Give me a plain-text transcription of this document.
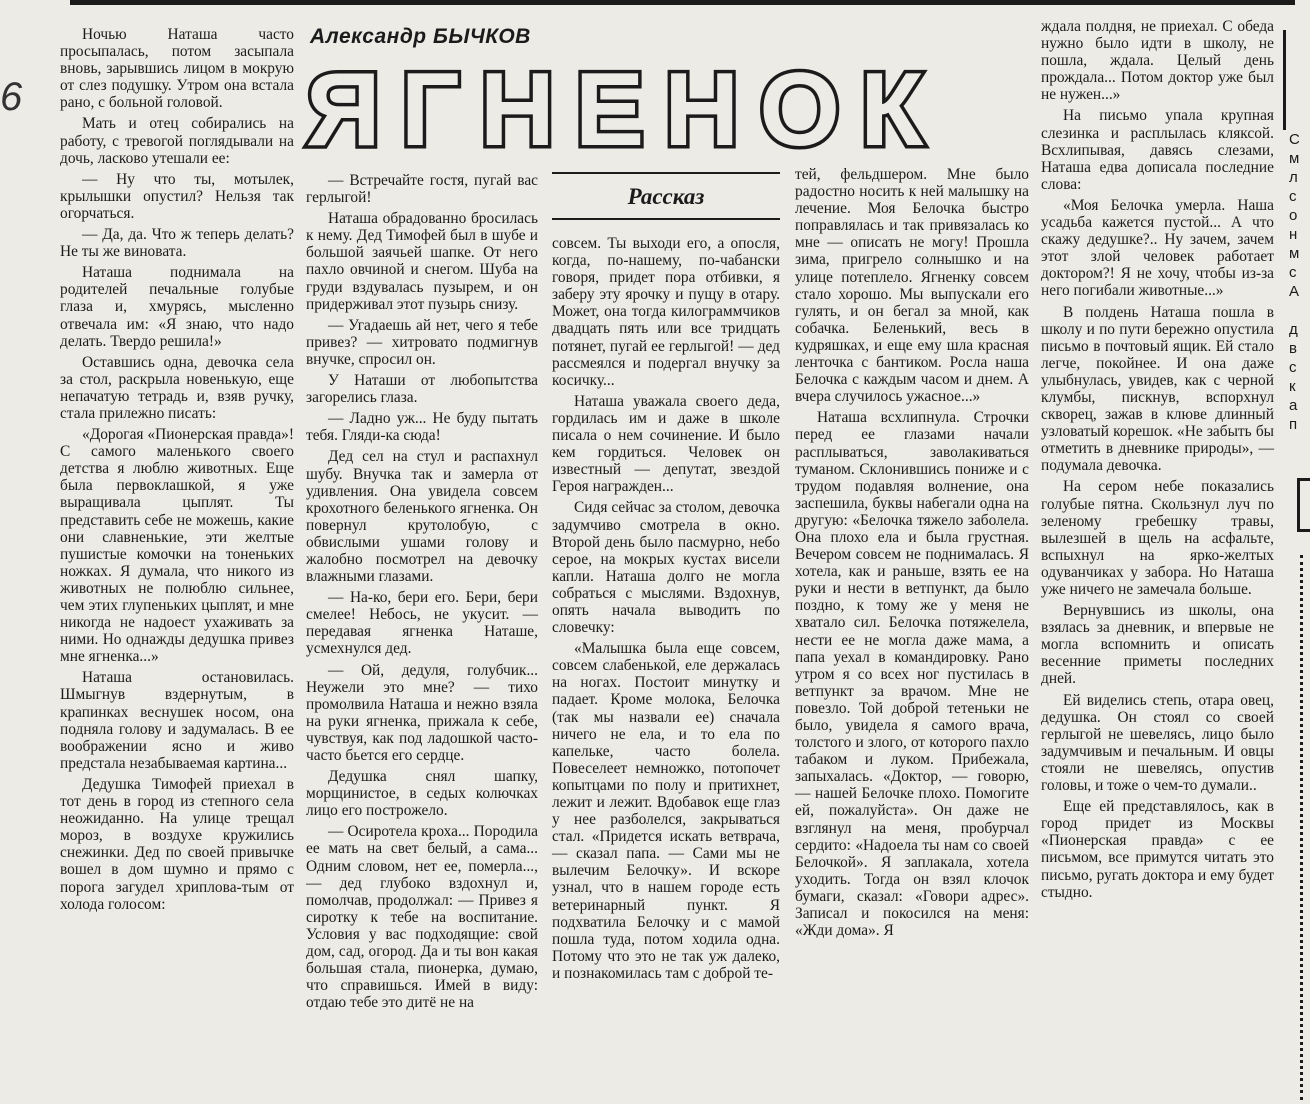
6
Александр БЫЧКОВ
ЯГНЕНОК
Рассказ

Ночью Наташа часто просыпалась, потом засыпала вновь, зарывшись лицом в мокрую от слез подушку. Утром она встала рано, с больной головой.

Мать и отец собирались на работу, с тревогой поглядывали на дочь, ласково утешали ее:

— Ну что ты, мотылек, крылышки опустил? Нельзя так огорчаться.

— Да, да. Что ж теперь делать? Не ты же виновата.

Наташа поднимала на родителей печальные голубые глаза и, хмурясь, мысленно отвечала им: «Я знаю, что надо делать. Твердо решила!»

Оставшись одна, девочка села за стол, раскрыла новенькую, еще непачатую тетрадь и, взяв ручку, стала прилежно писать:

«Дорогая «Пионерская правда»! С самого маленького своего детства я люблю животных. Еще была первоклашкой, я уже выращивала цыплят. Ты представить себе не можешь, какие они славненькие, эти желтые пушистые комочки на тоненьких ножках. Я думала, что никого из животных не полюблю сильнее, чем этих глупеньких цыплят, и мне никогда не надоест ухаживать за ними. Но однажды дедушка привез мне ягненка...»

Наташа остановилась. Шмыгнув вздернутым, в крапинках веснушек носом, она подняла голову и задумалась. В ее воображении ясно и живо предстала незабываемая картина...

Дедушка Тимофей приехал в тот день в город из степного села неожиданно. На улице трещал мороз, в воздухе кружились снежинки. Дед по своей привычке вошел в дом шумно и прямо с порога загудел хриплова-тым от холода голосом:

— Встречайте гостя, пугай вас герлыгой!

Наташа обрадованно бросилась к нему. Дед Тимофей был в шубе и большой заячьей шапке. От него пахло овчиной и снегом. Шуба на груди вздувалась пузырем, и он придерживал этот пузырь снизу.

— Угадаешь ай нет, чего я тебе привез? — хитровато подмигнув внучке, спросил он.

У Наташи от любопытства загорелись глаза.

— Ладно уж... Не буду пытать тебя. Гляди-ка сюда!

Дед сел на стул и распахнул шубу. Внучка так и замерла от удивления. Она увидела совсем крохотного беленького ягненка. Он повернул крутолобую, с обвислыми ушами голову и жалобно посмотрел на девочку влажными глазами.

— На-ко, бери его. Бери, бери смелее! Небось, не укусит. — передавая ягненка Наташе, усмехнулся дед.

— Ой, дедуля, голубчик... Неужели это мне? — тихо промолвила Наташа и нежно взяла на руки ягненка, прижала к себе, чувствуя, как под ладошкой часто-часто бьется его сердце.

Дедушка снял шапку, морщинистое, в седых колючках лицо его построжело.

— Осиротела кроха... Породила ее мать на свет белый, а сама... Одним словом, нет ее, померла..., — дед глубоко вздохнул и, помолчав, продолжал: — Привез я сиротку к тебе на воспитание. Условия у вас подходящие: свой дом, сад, огород. Да и ты вон какая большая стала, пионерка, думаю, что справишься. Имей в виду: отдаю тебе это дитё не на

совсем. Ты выходи его, а опосля, когда, по-нашему, по-чабански говоря, придет пора отбивки, я заберу эту ярочку и пущу в отару. Может, она тогда килограммчиков двадцать пять или все тридцать потянет, пугай ее герлыгой! — дед рассмеялся и подергал внучку за косичку...

Наташа уважала своего деда, гордилась им и даже в школе писала о нем сочинение. И было кем гордиться. Человек он известный — депутат, звездой Героя награжден...

Сидя сейчас за столом, девочка задумчиво смотрела в окно. Второй день было пасмурно, небо серое, на мокрых кустах висели капли. Наташа долго не могла собраться с мыслями. Вздохнув, опять начала выводить по словечку:

«Малышка была еще совсем, совсем слабенькой, еле держалась на ногах. Постоит минутку и падает. Кроме молока, Белочка (так мы назвали ее) сначала ничего не ела, и то ела по капельке, часто болела. Повеселеет немножко, потопочет копытцами по полу и притихнет, лежит и лежит. Вдобавок еще глаз у нее разболелся, закрываться стал. «Придется искать ветврача, — сказал папа. — Сами мы не вылечим Белочку». И вскоре узнал, что в нашем городе есть ветеринарный пункт. Я подхватила Белочку и с мамой пошла туда, потом ходила одна. Потому что это не так уж далеко, и познакомилась там с доброй те-

тей, фельдшером. Мне было радостно носить к ней малышку на лечение. Моя Белочка быстро поправлялась и так привязалась ко мне — описать не могу! Прошла зима, пригрело солнышко и на улице потеплело. Ягненку совсем стало хорошо. Мы выпускали его гулять, и он бегал за мной, как собачка. Беленький, весь в кудряшках, и еще ему шла красная ленточка с бантиком. Росла наша Белочка с каждым часом и днем. А вчера случилось ужасное...»

Наташа всхлипнула. Строчки перед ее глазами начали расплываться, заволакиваться туманом. Склонившись пониже и с трудом подавляя волнение, она заспешила, буквы набегали одна на другую: «Белочка тяжело заболела. Она плохо ела и была грустная. Вечером совсем не поднималась. Я хотела, как и раньше, взять ее на руки и нести в ветпункт, да было поздно, к тому же у меня не хватало сил. Белочка потяжелела, нести ее не могла даже мама, а папа уехал в командировку. Рано утром я со всех ног пустилась в ветпункт за врачом. Мне не повезло. Той доброй тетеньки не было, увидела я самого врача, толстого и злого, от которого пахло табаком и луком. Прибежала, запыхалась. «Доктор, — говорю, — нашей Белочке плохо. Помогите ей, пожалуйста». Он даже не взглянул на меня, пробурчал сердито: «Надоела ты нам со своей Белочкой». Я заплакала, хотела уходить. Тогда он взял клочок бумаги, сказал: «Говори адрес». Записал и покосился на меня: «Жди дома». Я

ждала полдня, не приехал. С обеда нужно было идти в школу, не пошла, ждала. Целый день прождала... Потом доктор уже был не нужен...»

На письмо упала крупная слезинка и расплылась кляксой. Всхлипывая, давясь слезами, Наташа едва дописала последние слова:

«Моя Белочка умерла. Наша усадьба кажется пустой... А что скажу дедушке?.. Ну зачем, зачем этот злой человек работает доктором?! Я не хочу, чтобы из-за него погибали животные...»

В полдень Наташа пошла в школу и по пути бережно опустила письмо в почтовый ящик. Ей стало легче, покойнее. И она даже улыбнулась, увидев, как с черной клумбы, пискнув, вспорхнул скворец, зажав в клюве длинный узловатый корешок. «Не забыть бы отметить в дневнике природы», — подумала девочка.

На сером небе показались голубые пятна. Скользнул луч по зеленому гребешку травы, вылезшей в щель на асфальте, вспыхнул на ярко-желтых одуванчиках у забора. Но Наташа уже ничего не замечала больше.

Вернувшись из школы, она взялась за дневник, и впервые не могла вспомнить и описать весенние приметы последних дней.

Ей виделись степь, отара овец, дедушка. Он стоял со своей герлыгой не шевелясь, лицо было задумчивым и печальным. И овцы стояли не шевелясь, опустив головы, и тоже о чем-то думали..

Еще ей представлялось, как в город придет из Москвы «Пионерская правда» с ее письмом, все примутся читать это письмо, ругать доктора и ему будет стыдно.

С
м
л
с
о
н
м
с
А

д
в
с
к
а
п
